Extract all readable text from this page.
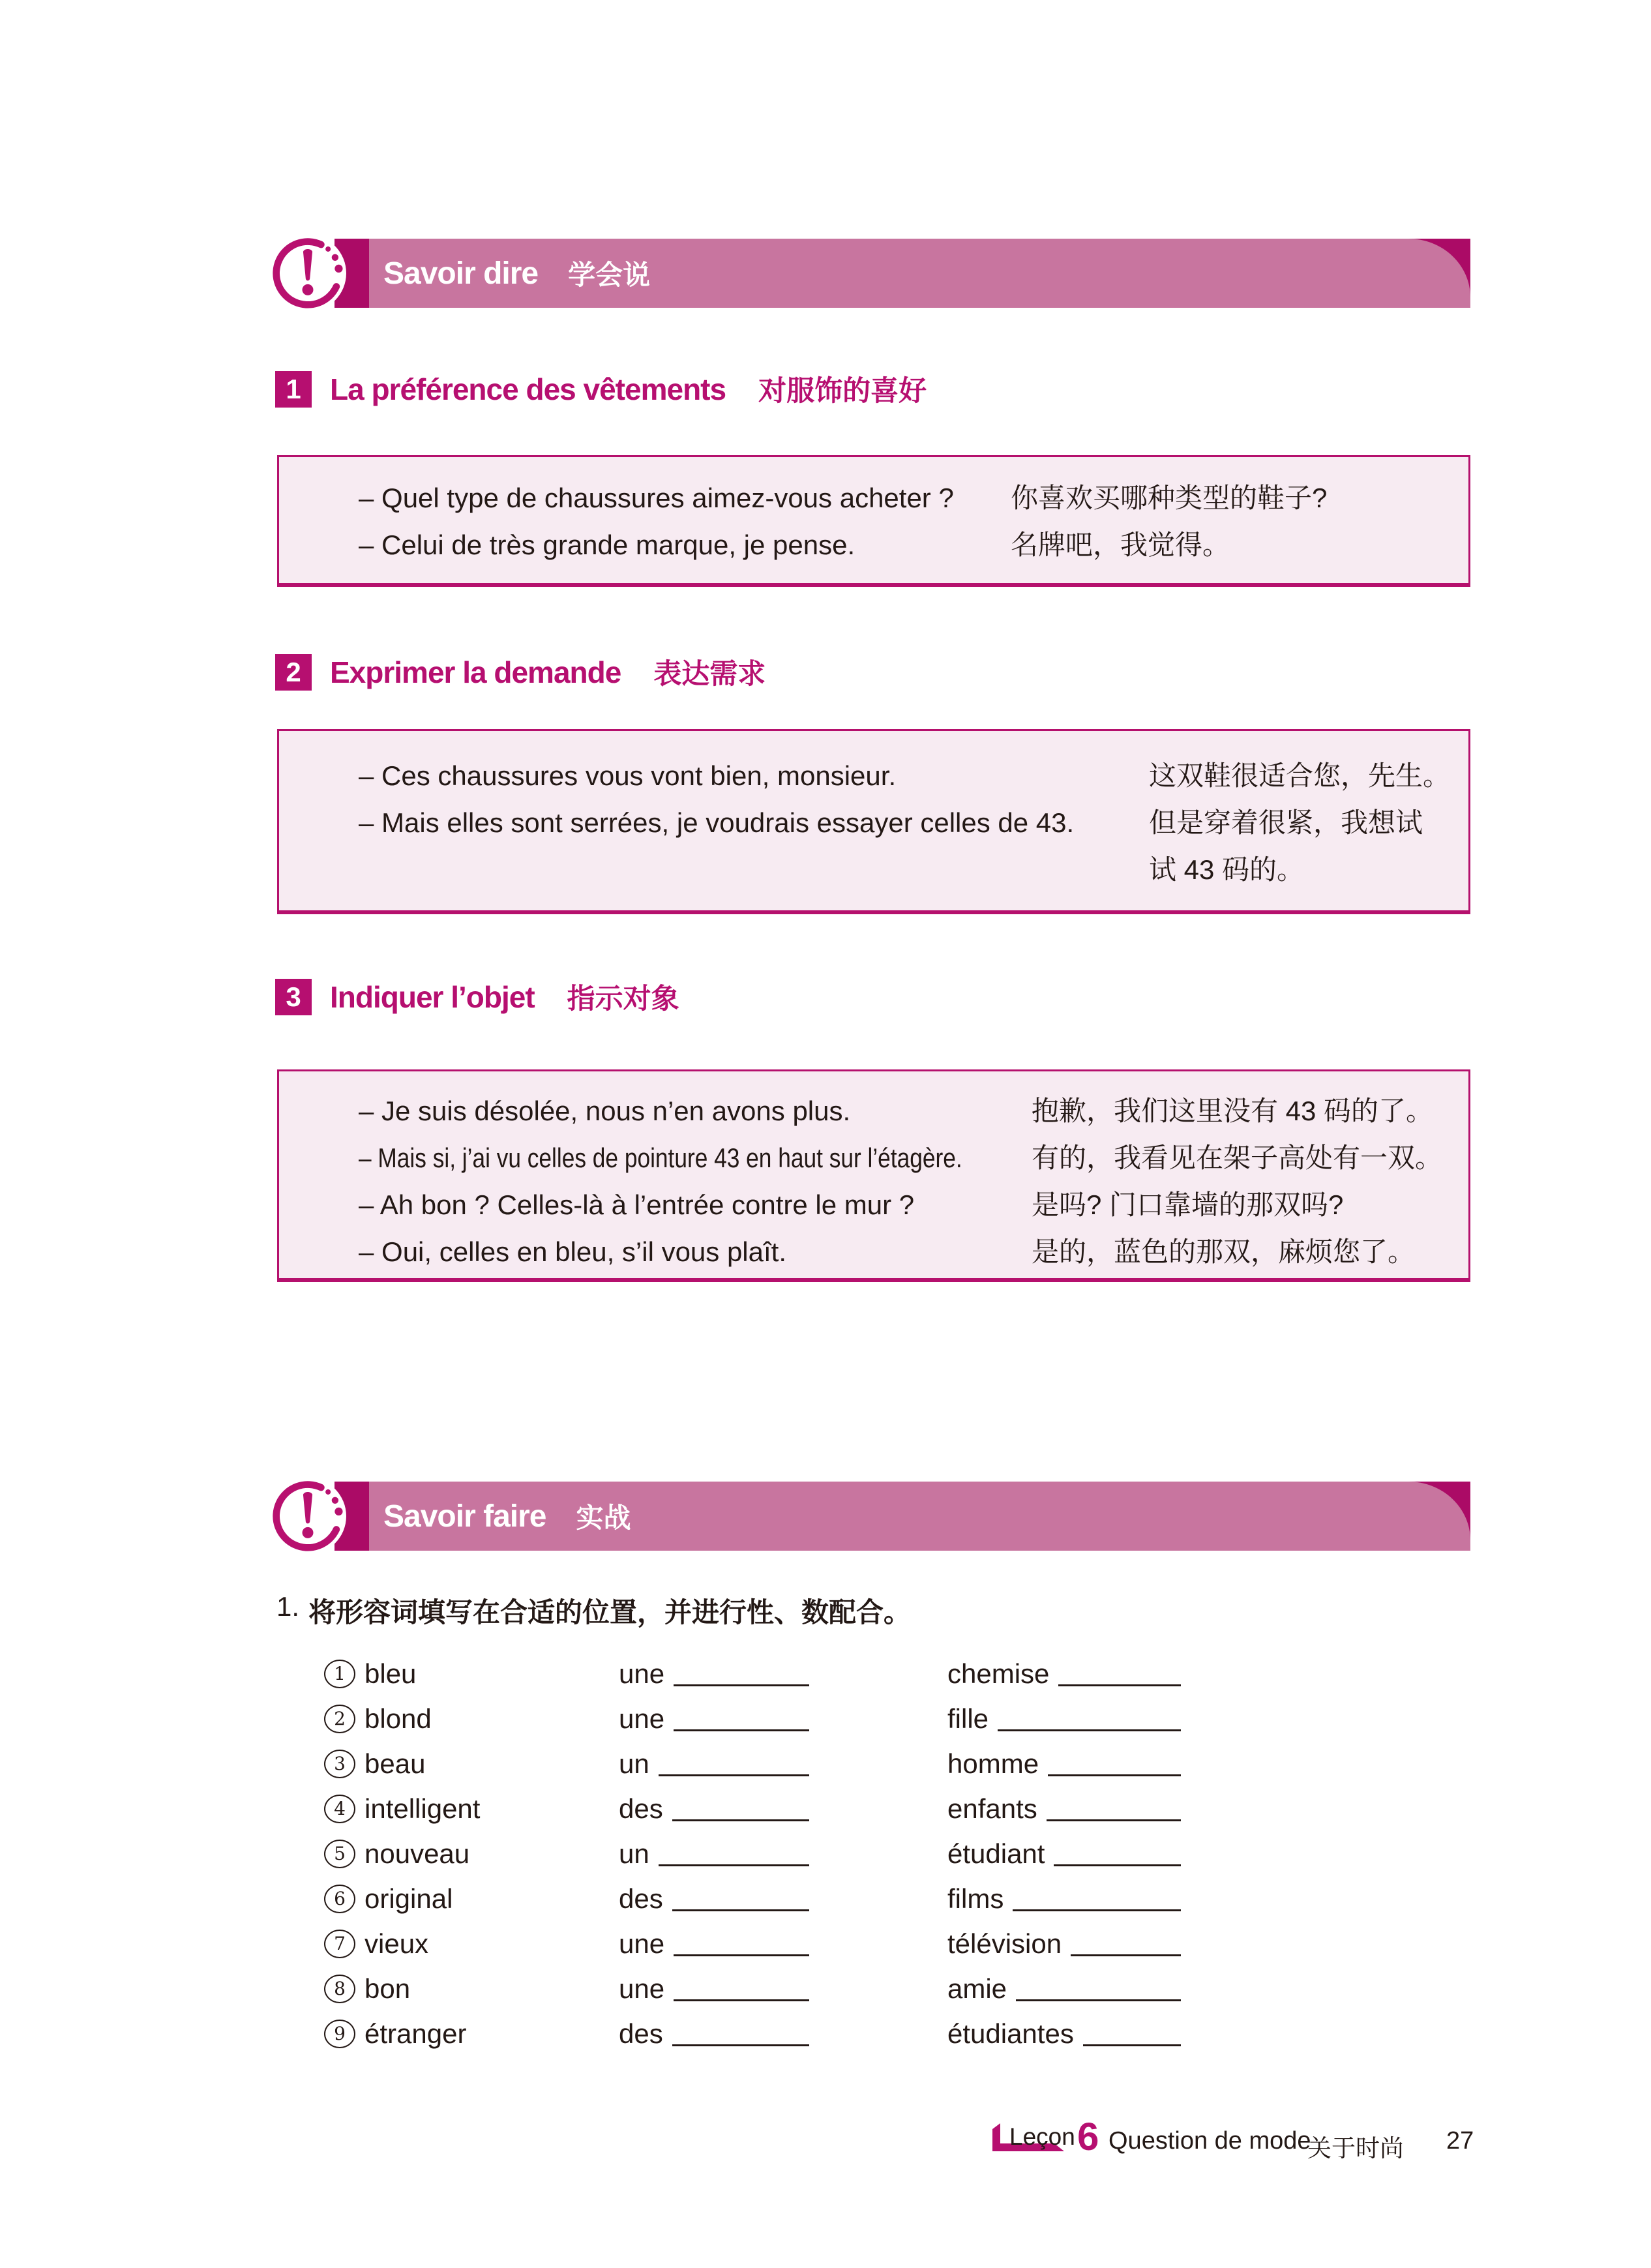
Savoir dire 学会说
1 La préférence des vêtements 对服饰的喜好
– Quel type de chaussures aimez-vous acheter ?	你喜欢买哪种类型的鞋子?
– Celui de très grande marque, je pense.	名牌吧，我觉得。
2 Exprimer la demande 表达需求
– Ces chaussures vous vont bien, monsieur.	这双鞋很适合您，先生。
– Mais elles sont serrées, je voudrais essayer celles de 43.	但是穿着很紧，我想试
试 43 码的。
3 Indiquer l’objet 指示对象
– Je suis désolée, nous n’en avons plus.	抱歉，我们这里没有 43 码的了。
– Mais si, j’ai vu celles de pointure 43 en haut sur l’étagère.	有的，我看见在架子高处有一双。
– Ah bon ? Celles-là à l’entrée contre le mur ?	是吗? 门口靠墙的那双吗?
– Oui, celles en bleu, s’il vous plaît.	是的，蓝色的那双，麻烦您了。
Savoir faire 实战
1. 将形容词填写在合适的位置，并进行性、数配合。
1 bleu	une	chemise
2 blond	une	fille
3 beau	un	homme
4 intelligent	des	enfants
5 nouveau	un	étudiant
6 original	des	films
7 vieux	une	télévision
8 bon	une	amie
9 étranger	des	étudiantes
Leçon 6 Question de mode
关于时尚 27
